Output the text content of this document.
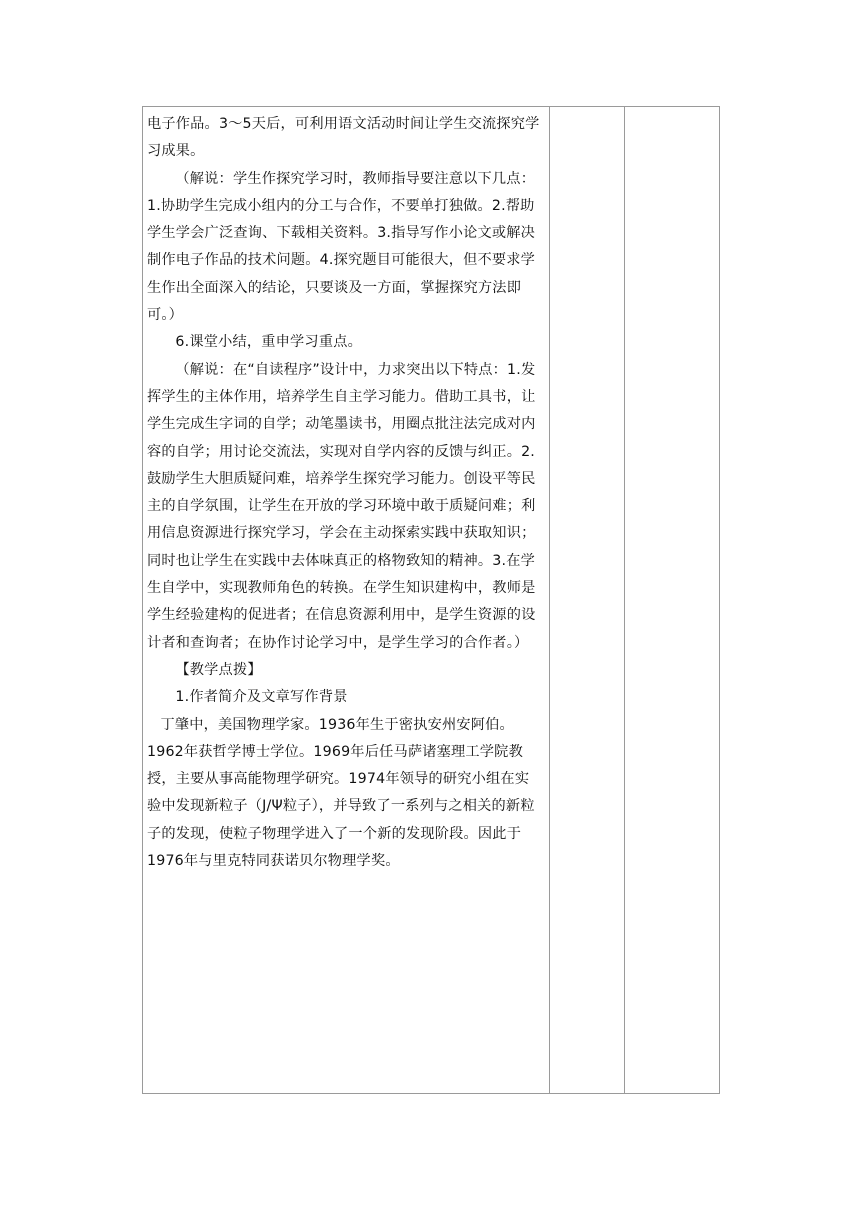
电子作品。3～5天后，可利用语文活动时间让学生交流探究学习成果。

（解说：学生作探究学习时，教师指导要注意以下几点：1.协助学生完成小组内的分工与合作，不要单打独做。2.帮助学生学会广泛查询、下载相关资料。3.指导写作小论文或解决制作电子作品的技术问题。4.探究题目可能很大，但不要求学生作出全面深入的结论，只要谈及一方面，掌握探究方法即可。）

6.课堂小结，重申学习重点。

（解说：在“自读程序”设计中，力求突出以下特点：1.发挥学生的主体作用，培养学生自主学习能力。借助工具书，让学生完成生字词的自学；动笔墨读书，用圈点批注法完成对内容的自学；用讨论交流法，实现对自学内容的反馈与纠正。2.鼓励学生大胆质疑问难，培养学生探究学习能力。创设平等民主的自学氛围，让学生在开放的学习环境中敢于质疑问难；利用信息资源进行探究学习，学会在主动探索实践中获取知识；同时也让学生在实践中去体味真正的格物致知的精神。3.在学生自学中，实现教师角色的转换。在学生知识建构中，教师是学生经验建构的促进者；在信息资源利用中，是学生资源的设计者和查询者；在协作讨论学习中，是学生学习的合作者。）

【教学点拨】

1.作者简介及文章写作背景

丁肇中，美国物理学家。1936年生于密执安州安阿伯。1962年获哲学博士学位。1969年后任马萨诸塞理工学院教授，主要从事高能物理学研究。1974年领导的研究小组在实验中发现新粒子（J/Ψ粒子），并导致了一系列与之相关的新粒子的发现，使粒子物理学进入了一个新的发现阶段。因此于1976年与里克特同获诺贝尔物理学奖。
